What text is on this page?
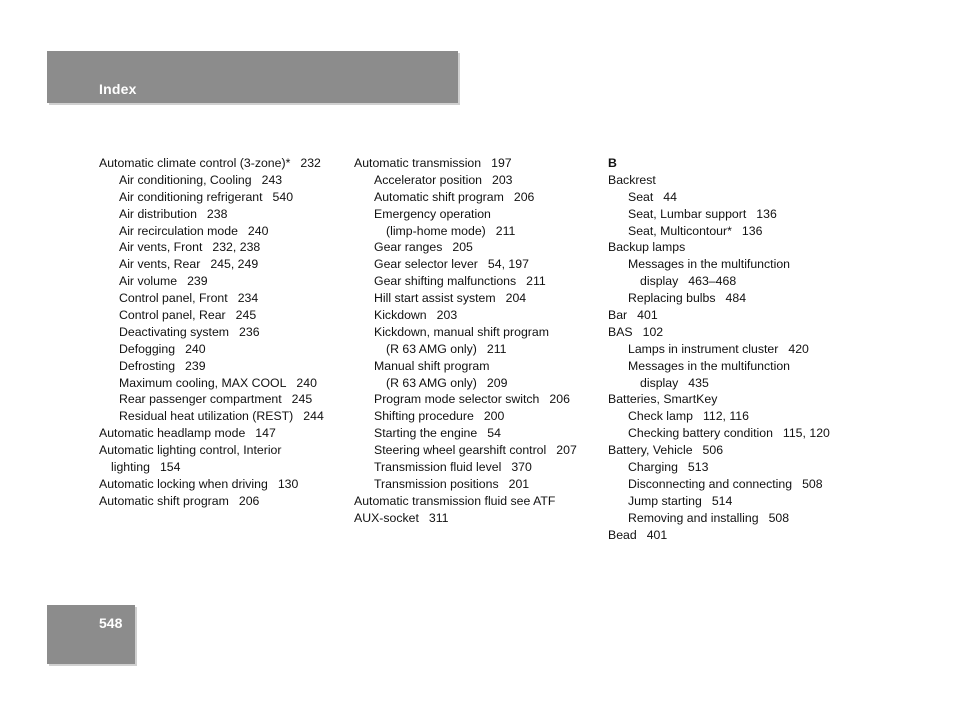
Index
Automatic climate control (3-zone)* 232
Air conditioning, Cooling 243
Air conditioning refrigerant 540
Air distribution 238
Air recirculation mode 240
Air vents, Front 232, 238
Air vents, Rear 245, 249
Air volume 239
Control panel, Front 234
Control panel, Rear 245
Deactivating system 236
Defogging 240
Defrosting 239
Maximum cooling, MAX COOL 240
Rear passenger compartment 245
Residual heat utilization (REST) 244
Automatic headlamp mode 147
Automatic lighting control, Interior
lighting 154
Automatic locking when driving 130
Automatic shift program 206
Automatic transmission 197
Accelerator position 203
Automatic shift program 206
Emergency operation
(limp-home mode) 211
Gear ranges 205
Gear selector lever 54, 197
Gear shifting malfunctions 211
Hill start assist system 204
Kickdown 203
Kickdown, manual shift program
(R 63 AMG only) 211
Manual shift program
(R 63 AMG only) 209
Program mode selector switch 206
Shifting procedure 200
Starting the engine 54
Steering wheel gearshift control 207
Transmission fluid level 370
Transmission positions 201
Automatic transmission fluid see ATF
AUX-socket 311
B
Backrest
Seat 44
Seat, Lumbar support 136
Seat, Multicontour* 136
Backup lamps
Messages in the multifunction
display 463–468
Replacing bulbs 484
Bar 401
BAS 102
Lamps in instrument cluster 420
Messages in the multifunction
display 435
Batteries, SmartKey
Check lamp 112, 116
Checking battery condition 115, 120
Battery, Vehicle 506
Charging 513
Disconnecting and connecting 508
Jump starting 514
Removing and installing 508
Bead 401
548
